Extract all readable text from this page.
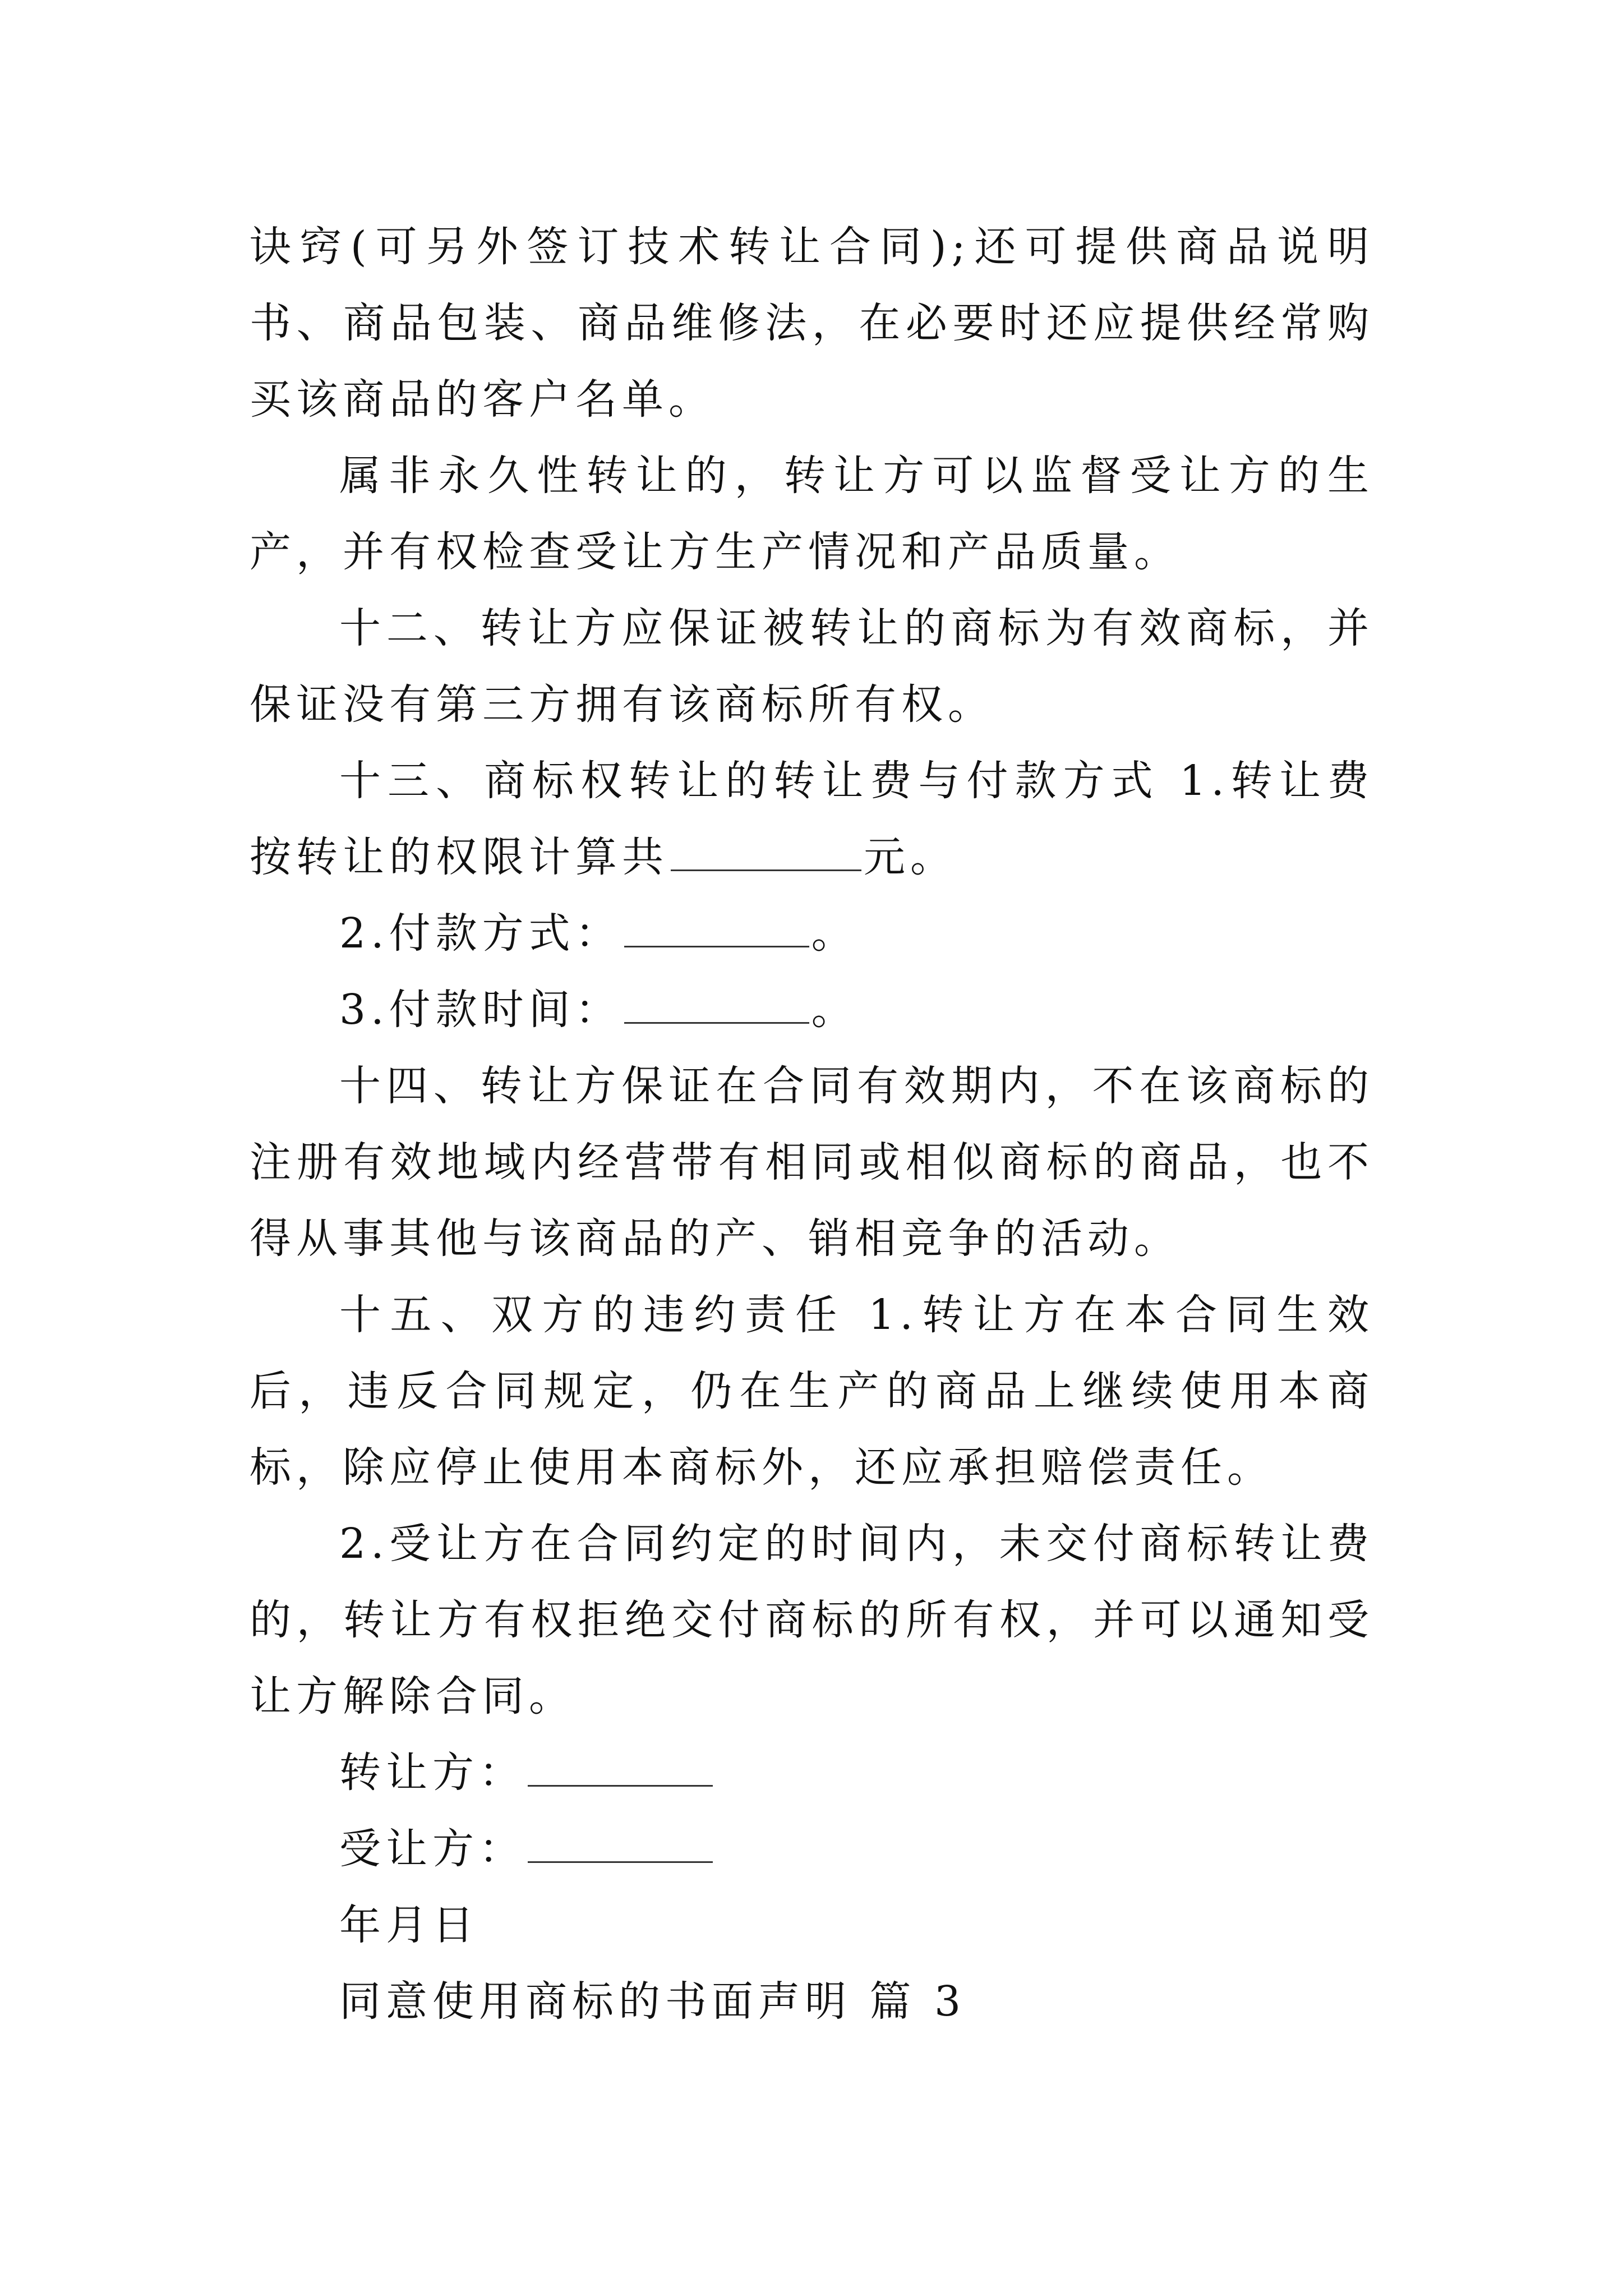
诀窍(可另外签订技术转让合同);还可提供商品说明书、商品包装、商品维修法，在必要时还应提供经常购买该商品的客户名单。

属非永久性转让的，转让方可以监督受让方的生产，并有权检查受让方生产情况和产品质量。

十二、转让方应保证被转让的商标为有效商标，并保证没有第三方拥有该商标所有权。

十三、商标权转让的转让费与付款方式 1.转让费按转让的权限计算共	元。

2.付款方式：	。

3.付款时间：	。

十四、转让方保证在合同有效期内，不在该商标的注册有效地域内经营带有相同或相似商标的商品，也不得从事其他与该商品的产、销相竞争的活动。

十五、双方的违约责任 1.转让方在本合同生效后，违反合同规定，仍在生产的商品上继续使用本商标，除应停止使用本商标外，还应承担赔偿责任。

2.受让方在合同约定的时间内，未交付商标转让费的，转让方有权拒绝交付商标的所有权，并可以通知受让方解除合同。

转让方：

受让方：

年月日

同意使用商标的书面声明 篇 3
